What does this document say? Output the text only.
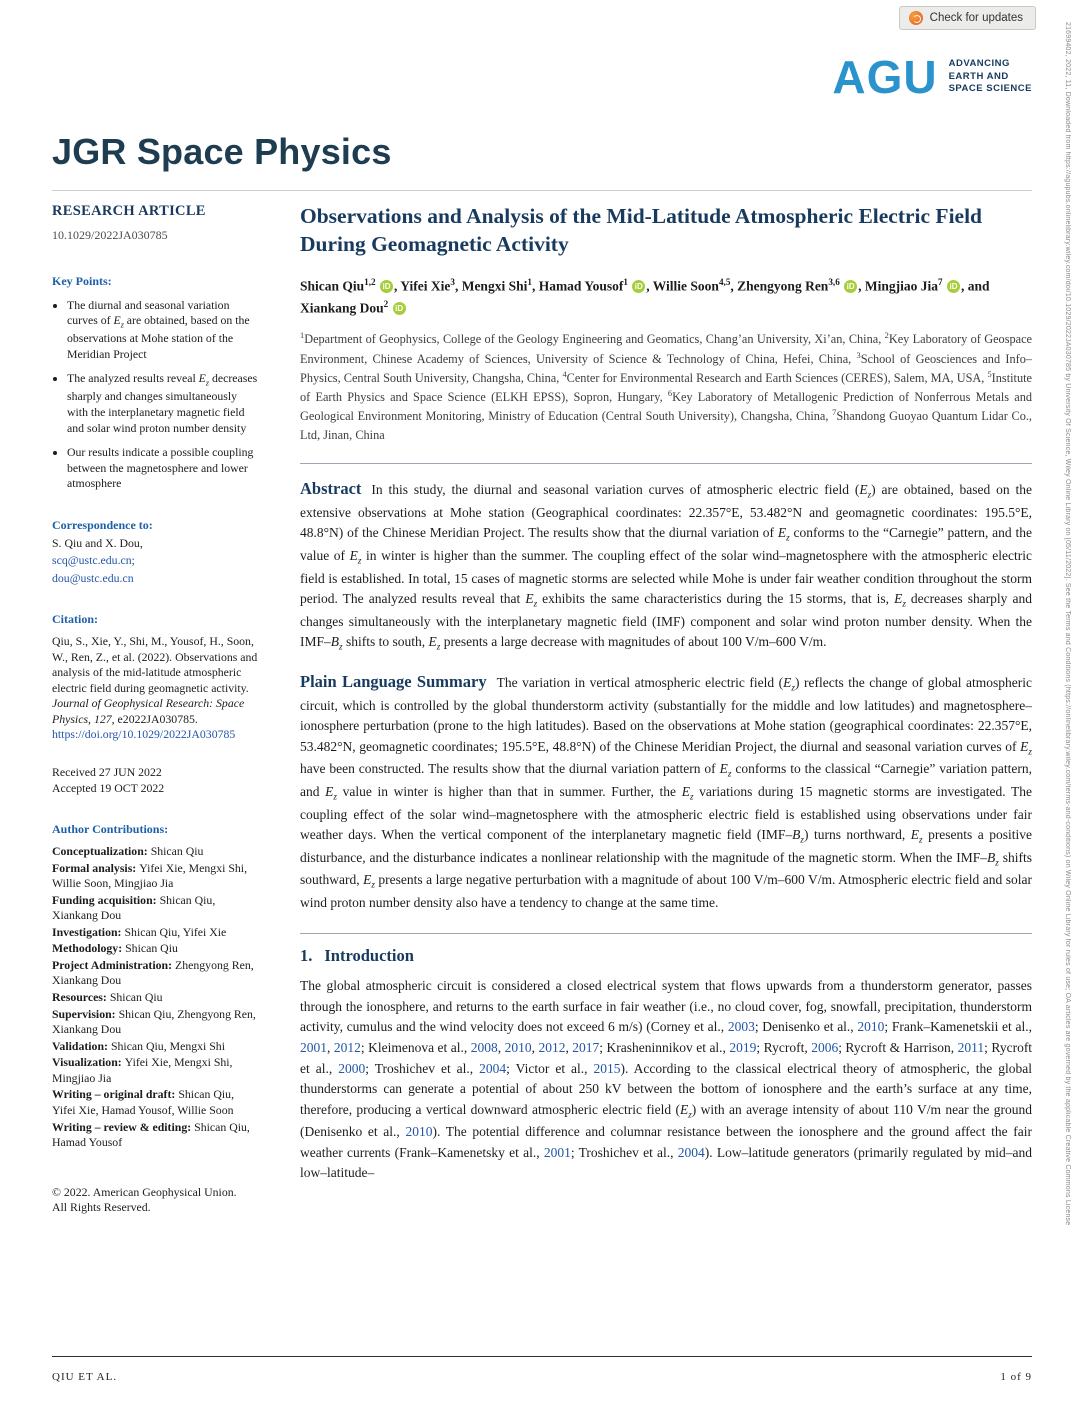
21699402, 2022, 11, Downloaded from https://agupubs.onlinelibrary.wiley.com/doi/10.1029/2022JA030785 by University Of Science, Wiley Online Library on [05/11/2022]. See the Terms and Conditions (https://onlinelibrary.wiley.com/terms-and-conditions) on Wiley Online Library for rules of use; OA articles are governed by the applicable Creative Commons License
Check for updates
AGU ADVANCING
EARTH AND
SPACE SCIENCE
JGR Space Physics
RESEARCH ARTICLE
10.1029/2022JA030785
Key Points:
• The diurnal and seasonal variation curves of $E_z$ are obtained, based on the observations at Mohe station of the Meridian Project
• The analyzed results reveal $E_z$ decreases sharply and changes simultaneously with the interplanetary magnetic field and solar wind proton number density
• Our results indicate a possible coupling between the magnetosphere and lower atmosphere
Correspondence to:
S. Qiu and X. Dou,
scq@ustc.edu.cn;
dou@ustc.edu.cn
Citation:

Qiu, S., Xie, Y., Shi, M., Yousof, H., Soon, W., Ren, Z., et al. (2022). Observations and analysis of the mid-latitude atmospheric electric field during geomagnetic activity. Journal of Geophysical Research: Space Physics, 127, e2022JA030785. https://doi.org/10.1029/2022JA030785

Received 27 JUN 2022
Accepted 19 OCT 2022
Author Contributions:
Conceptualization: Shican Qiu
Formal analysis: Yifei Xie, Mengxi Shi, Willie Soon, Mingjiao Jia
Funding acquisition: Shican Qiu, Xiankang Dou
Investigation: Shican Qiu, Yifei Xie
Methodology: Shican Qiu
Project Administration: Zhengyong Ren, Xiankang Dou
Resources: Shican Qiu
Supervision: Shican Qiu, Zhengyong Ren, Xiankang Dou
Validation: Shican Qiu, Mengxi Shi
Visualization: Yifei Xie, Mengxi Shi, Mingjiao Jia
Writing – original draft: Shican Qiu, Yifei Xie, Hamad Yousof, Willie Soon
Writing – review & editing: Shican Qiu, Hamad Yousof
© 2022. American Geophysical Union.
All Rights Reserved.
Observations and Analysis of the Mid-Latitude Atmospheric Electric Field During Geomagnetic Activity

Shican Qiu$^{1,2}$ iD , Yifei Xie$^3$, Mengxi Shi$^1$, Hamad Yousof$^1$ iD , Willie Soon$^{4,5}$, Zhengyong Ren$^{3,6}$ iD , Mingjiao Jia$^7$ iD , and Xiankang Dou$^2$ iD

$^1$Department of Geophysics, College of the Geology Engineering and Geomatics, Chang’an University, Xi’an, China, $^2$Key Laboratory of Geospace Environment, Chinese Academy of Sciences, University of Science & Technology of China, Hefei, China, $^3$School of Geosciences and Info–Physics, Central South University, Changsha, China, $^4$Center for Environmental Research and Earth Sciences (CERES), Salem, MA, USA, $^5$Institute of Earth Physics and Space Science (ELKH EPSS), Sopron, Hungary, $^6$Key Laboratory of Metallogenic Prediction of Nonferrous Metals and Geological Environment Monitoring, Ministry of Education (Central South University), Changsha, China, $^7$Shandong Guoyao Quantum Lidar Co., Ltd, Jinan, China

Abstract In this study, the diurnal and seasonal variation curves of atmospheric electric field $(E_z)$ are obtained, based on the extensive observations at Mohe station (Geographical coordinates: 22.357°E, 53.482°N and geomagnetic coordinates: 195.5°E, 48.8°N) of the Chinese Meridian Project. The results show that the diurnal variation of $E_z$ conforms to the “Carnegie” pattern, and the value of $E_z$ in winter is higher than the summer. The coupling effect of the solar wind–magnetosphere with the atmospheric electric field is established. In total, 15 cases of magnetic storms are selected while Mohe is under fair weather condition throughout the storm period. The analyzed results reveal that $E_z$ exhibits the same characteristics during the 15 storms, that is, $E_z$ decreases sharply and changes simultaneously with the interplanetary magnetic field (IMF) component and solar wind proton number density. When the IMF–$B_z$ shifts to south, $E_z$ presents a large decrease with magnitudes of about 100 V/m–600 V/m.

Plain Language Summary The variation in vertical atmospheric electric field $(E_z)$ reflects the change of global atmospheric circuit, which is controlled by the global thunderstorm activity (substantially for the middle and low latitudes) and magnetosphere–ionosphere perturbation (prone to the high latitudes). Based on the observations at Mohe station (geographical coordinates: 22.357°E, 53.482°N, geomagnetic coordinates; 195.5°E, 48.8°N) of the Chinese Meridian Project, the diurnal and seasonal variation curves of $E_z$ have been constructed. The results show that the diurnal variation pattern of $E_z$ conforms to the classical “Carnegie” variation pattern, and $E_z$ value in winter is higher than that in summer. Further, the $E_z$ variations during 15 magnetic storms are investigated. The coupling effect of the solar wind–magnetosphere with the atmospheric electric field is established using observations under fair weather days. When the vertical component of the interplanetary magnetic field $(IMF-B_z)$ turns northward, $E_z$ presents a positive disturbance, and the disturbance indicates a nonlinear relationship with the magnitude of the magnetic storm. When the IMF–$B_z$ shifts southward, $E_z$ presents a large negative perturbation with a magnitude of about 100 V/m–600 V/m. Atmospheric electric field and solar wind proton number density also have a tendency to change at the same time.

1. Introduction

The global atmospheric circuit is considered a closed electrical system that flows upwards from a thunderstorm generator, passes through the ionosphere, and returns to the earth surface in fair weather (i.e., no cloud cover, fog, snowfall, precipitation, thunderstorm activity, cumulus and the wind velocity does not exceed 6 m/s) (Corney et al., 2003; Denisenko et al., 2010; Frank–Kamenetskii et al., 2001, 2012; Kleimenova et al., 2008, 2010, 2012, 2017; Krasheninnikov et al., 2019; Rycroft, 2006; Rycroft & Harrison, 2011; Rycroft et al., 2000; Troshichev et al., 2004; Victor et al., 2015). According to the classical electrical theory of atmospheric, the global thunderstorms can generate a potential of about 250 kV between the bottom of ionosphere and the earth’s surface at any time, therefore, producing a vertical downward atmospheric electric field $(E_z)$ with an average intensity of about 110 V/m near the ground (Denisenko et al., 2010). The potential difference and columnar resistance between the ionosphere and the ground affect the fair weather currents (Frank–Kamenetsky et al., 2001; Troshichev et al., 2004). Low–latitude generators (primarily regulated by mid–and low–latitude–

QIU ET AL.	1 of 9
